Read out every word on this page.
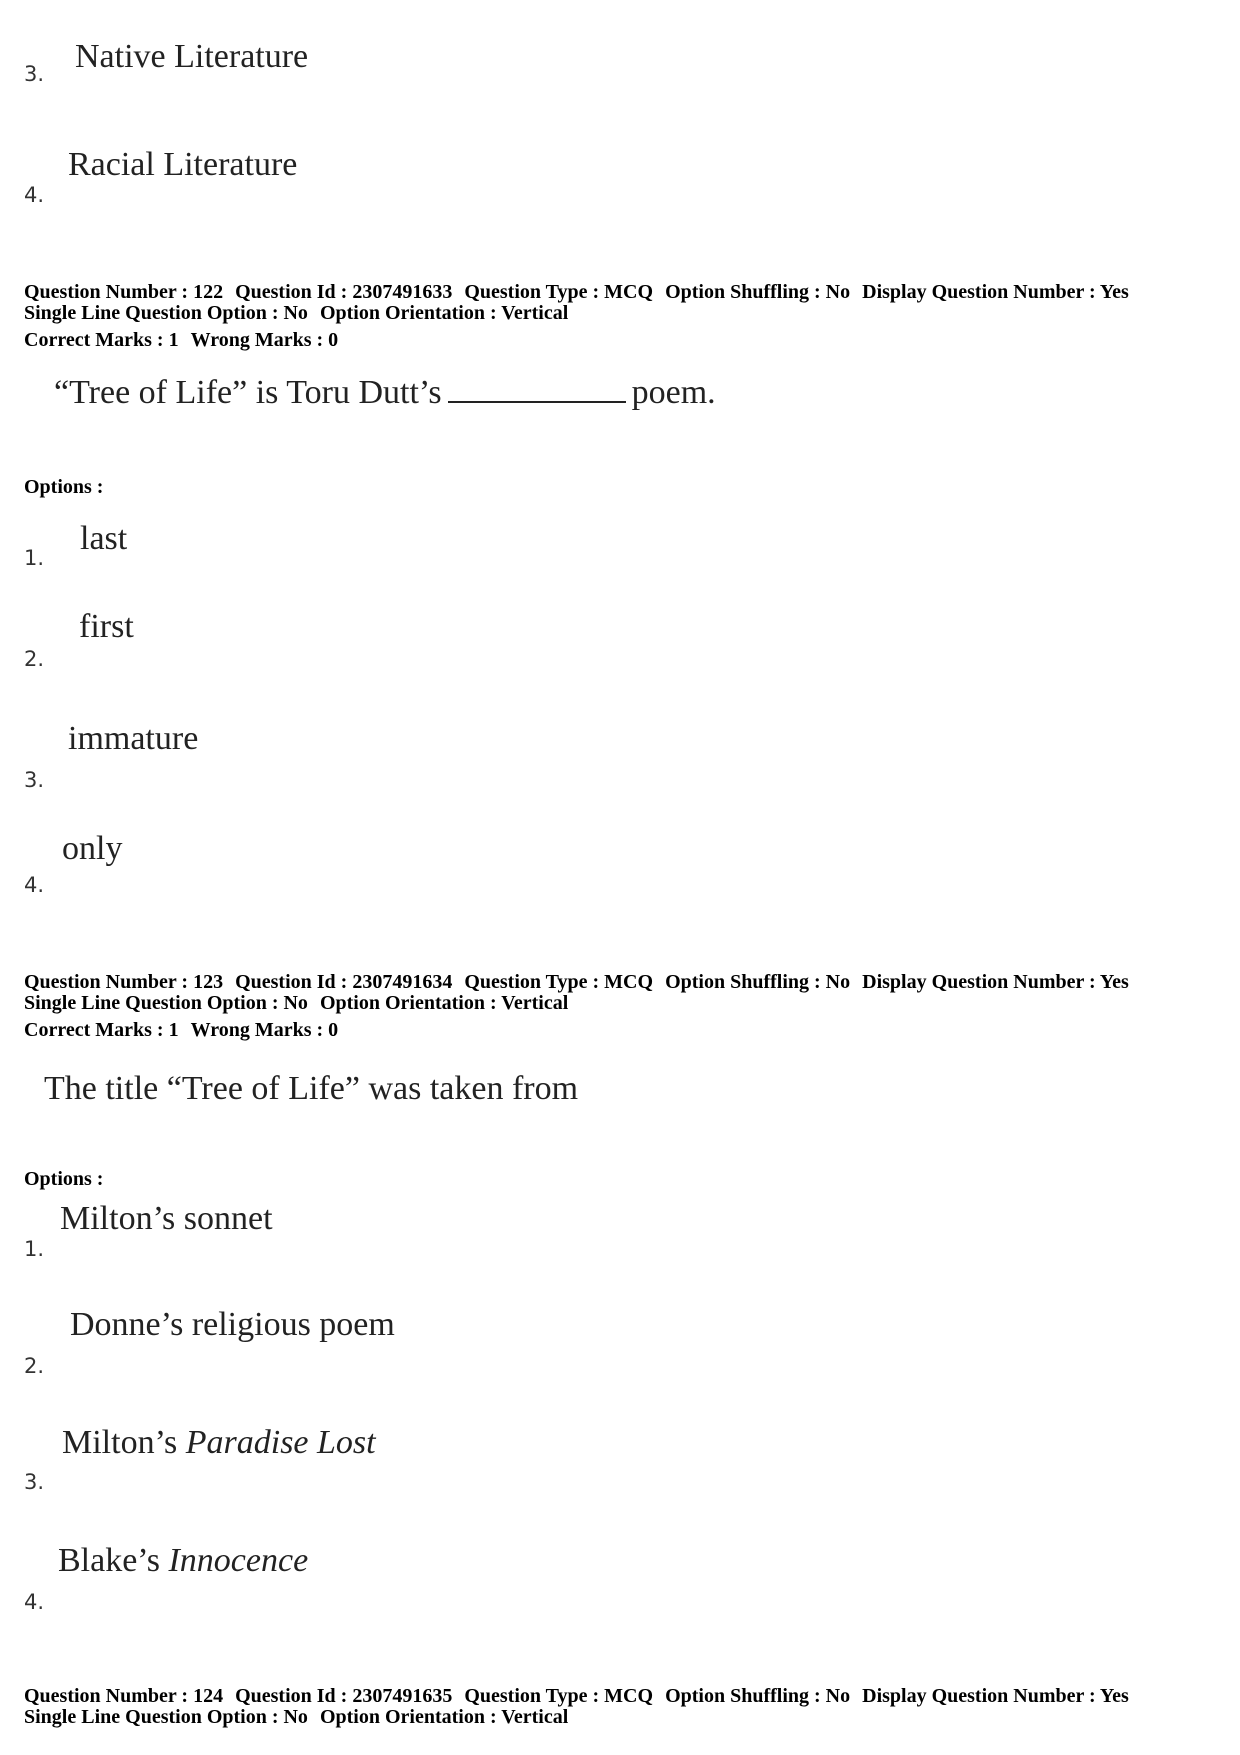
Native Literature
3.
Racial Literature
4.
Question Number : 122 Question Id : 2307491633 Question Type : MCQ Option Shuffling : No Display Question Number : Yes
Single Line Question Option : No Option Orientation : Vertical
Correct Marks : 1 Wrong Marks : 0
“Tree of Life” is Toru Dutt’s	poem.
Options :
last
1.
first
2.
immature
3.
only
4.
Question Number : 123 Question Id : 2307491634 Question Type : MCQ Option Shuffling : No Display Question Number : Yes
Single Line Question Option : No Option Orientation : Vertical
Correct Marks : 1 Wrong Marks : 0
The title “Tree of Life” was taken from
Options :
Milton’s sonnet
1.
Donne’s religious poem
2.
Milton’s Paradise Lost
3.
Blake’s Innocence
4.
Question Number : 124 Question Id : 2307491635 Question Type : MCQ Option Shuffling : No Display Question Number : Yes
Single Line Question Option : No Option Orientation : Vertical
